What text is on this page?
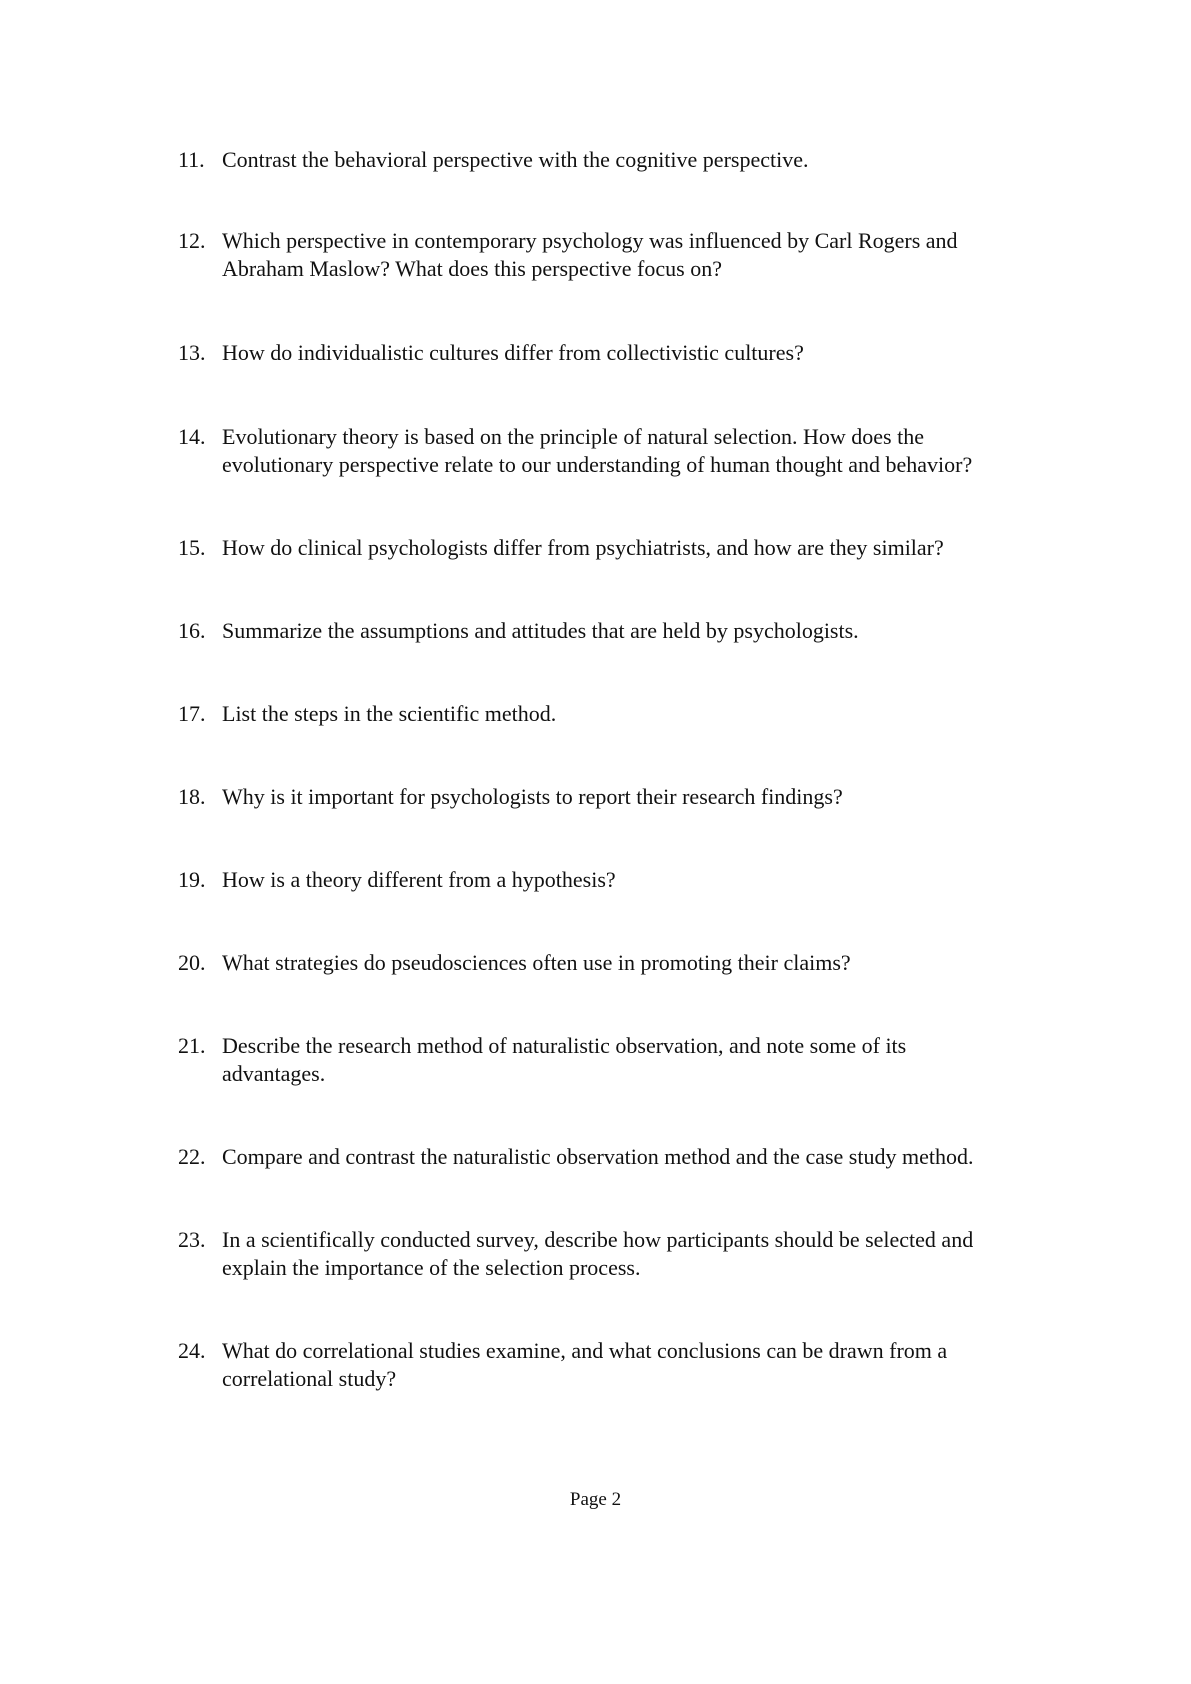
11. Contrast the behavioral perspective with the cognitive perspective.
12. Which perspective in contemporary psychology was influenced by Carl Rogers and
Abraham Maslow? What does this perspective focus on?
13. How do individualistic cultures differ from collectivistic cultures?
14. Evolutionary theory is based on the principle of natural selection. How does the
evolutionary perspective relate to our understanding of human thought and behavior?
15. How do clinical psychologists differ from psychiatrists, and how are they similar?
16. Summarize the assumptions and attitudes that are held by psychologists.
17. List the steps in the scientific method.
18. Why is it important for psychologists to report their research findings?
19. How is a theory different from a hypothesis?
20. What strategies do pseudosciences often use in promoting their claims?
21. Describe the research method of naturalistic observation, and note some of its
advantages.
22. Compare and contrast the naturalistic observation method and the case study method.
23. In a scientifically conducted survey, describe how participants should be selected and
explain the importance of the selection process.
24. What do correlational studies examine, and what conclusions can be drawn from a
correlational study?
Page 2
